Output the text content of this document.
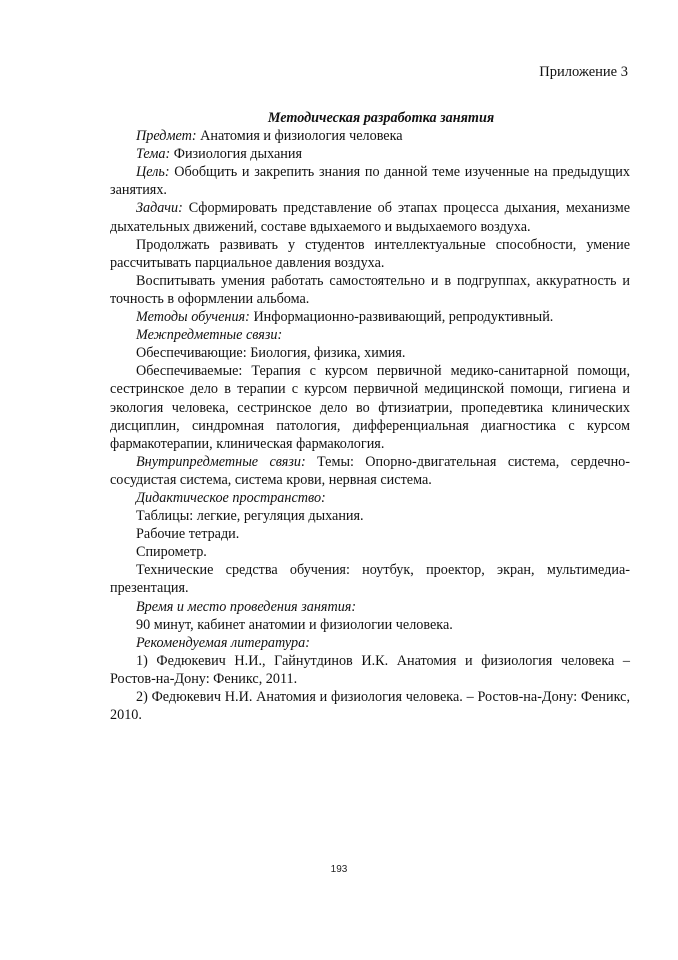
Приложение 3
Методическая разработка занятия

Предмет: Анатомия и физиология человека

Тема: Физиология дыхания

Цель: Обобщить и закрепить знания по данной теме изученные на предыдущих занятиях.

Задачи: Сформировать представление об этапах процесса дыхания, механизме дыхательных движений, составе вдыхаемого и выдыхаемого воздуха.

Продолжать развивать у студентов интеллектуальные способности, умение рассчитывать парциальное давления воздуха.

Воспитывать умения работать самостоятельно и в подгруппах, аккуратность и точность в оформлении альбома.

Методы обучения: Информационно-развивающий, репродуктивный.

Межпредметные связи:

Обеспечивающие: Биология, физика, химия.

Обеспечиваемые: Терапия с курсом первичной медико-санитарной помощи, сестринское дело в терапии с курсом первичной медицинской помощи, гигиена и экология человека, сестринское дело во фтизиатрии, пропедевтика клинических дисциплин, синдромная патология, дифференциальная диагностика с курсом фармакотерапии, клиническая фармакология.

Внутрипредметные связи: Темы: Опорно-двигательная система, сердечно-сосудистая система, система крови, нервная система.

Дидактическое пространство:

Таблицы: легкие, регуляция дыхания.

Рабочие тетради.

Спирометр.

Технические средства обучения: ноутбук, проектор, экран, мультимедиа-презентация.

Время и место проведения занятия:

90 минут, кабинет анатомии и физиологии человека.

Рекомендуемая литература:

1) Федюкевич Н.И., Гайнутдинов И.К. Анатомия и физиология человека – Ростов-на-Дону: Феникс, 2011.

2) Федюкевич Н.И. Анатомия и физиология человека. – Ростов-на-Дону: Феникс, 2010.

193
